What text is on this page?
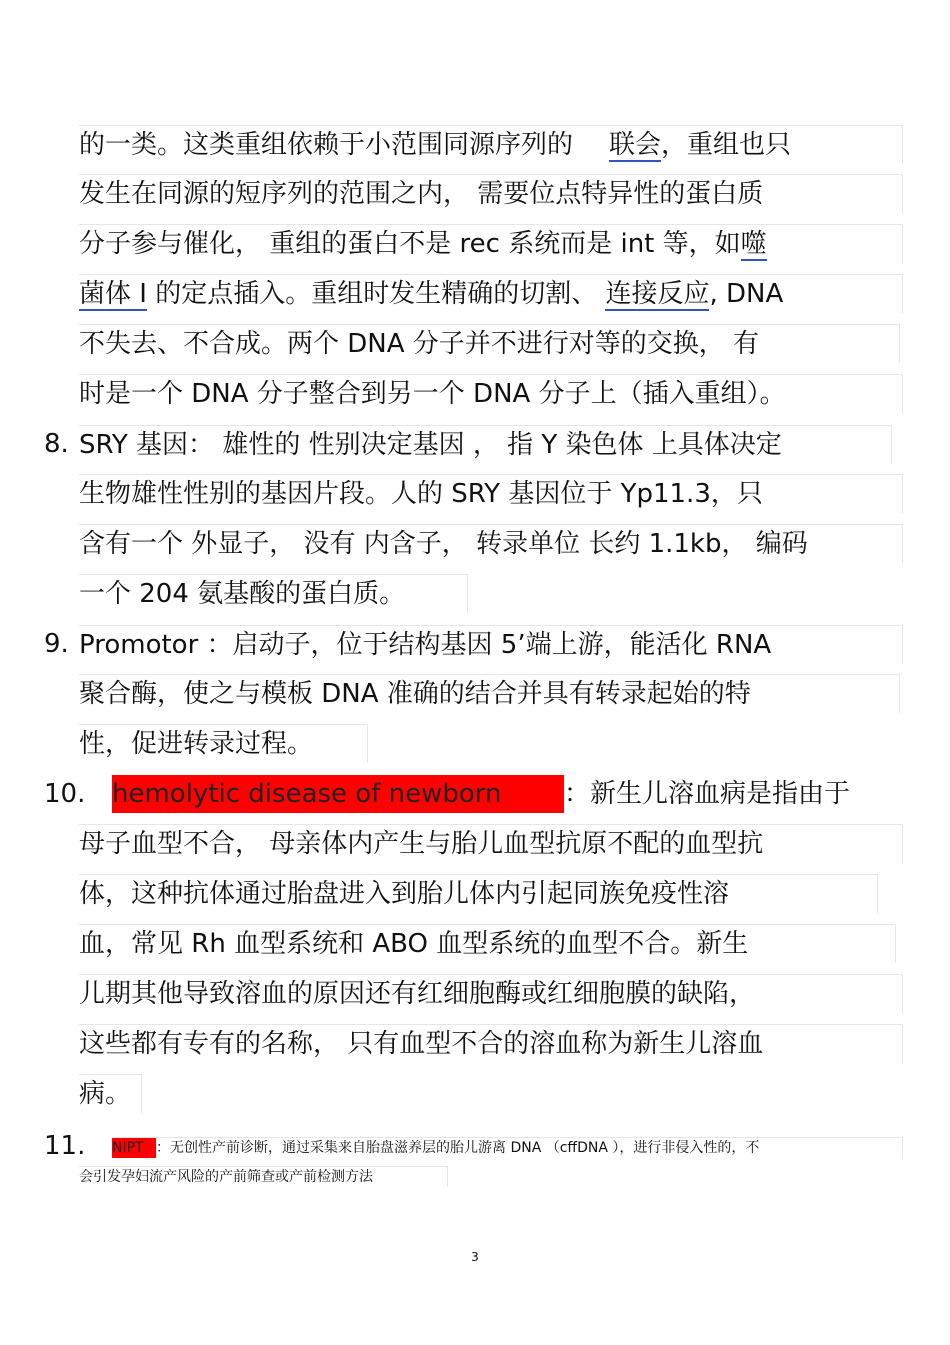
的一类。这类重组依赖于小范围同源序列的 联会，重组也只
发生在同源的短序列的范围之内， 需要位点特异性的蛋白质
分子参与催化， 重组的蛋白不是 rec 系统而是 int 等，如噬
菌体 I 的定点插入。重组时发生精确的切割、 连接反应, DNA
不失去、不合成。两个 DNA 分子并不进行对等的交换， 有
时是一个 DNA 分子整合到另一个 DNA 分子上（插入重组）。
8. SRY 基因： 雄性的 性别决定基因 ， 指 Y 染色体 上具体决定
生物雄性性别的基因片段。人的 SRY 基因位于 Yp11.3，只
含有一个 外显子， 没有 内含子， 转录单位 长约 1.1kb， 编码
一个 204 氨基酸的蛋白质。
9. Promotor ：启动子，位于结构基因 5’端上游，能活化 RNA
聚合酶，使之与模板 DNA 准确的结合并具有转录起始的特
性，促进转录过程。
10. hemolytic disease of newborn ：新生儿溶血病是指由于
母子血型不合， 母亲体内产生与胎儿血型抗原不配的血型抗
体，这种抗体通过胎盘进入到胎儿体内引起同族免疫性溶
血，常见 Rh 血型系统和 ABO 血型系统的血型不合。新生
儿期其他导致溶血的原因还有红细胞酶或红细胞膜的缺陷，
这些都有专有的名称， 只有血型不合的溶血称为新生儿溶血
病。
11. NIPT ：无创性产前诊断，通过采集来自胎盘滋养层的胎儿游离 DNA （cffDNA ），进行非侵入性的，不
会引发孕妇流产风险的产前筛查或产前检测方法
3
